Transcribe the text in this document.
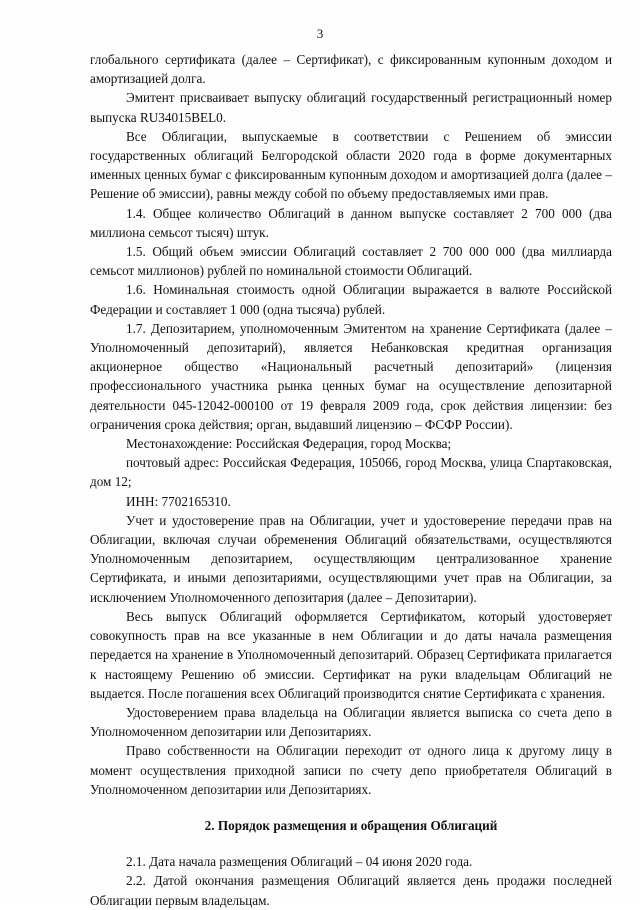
3

глобального сертификата (далее – Сертификат), с фиксированным купонным доходом и амортизацией долга.

Эмитент присваивает выпуску облигаций государственный регистрационный номер выпуска RU34015BEL0.

Все Облигации, выпускаемые в соответствии с Решением об эмиссии государственных облигаций Белгородской области 2020 года в форме документарных именных ценных бумаг с фиксированным купонным доходом и амортизацией долга (далее – Решение об эмиссии), равны между собой по объему предоставляемых ими прав.

1.4. Общее количество Облигаций в данном выпуске составляет 2 700 000 (два миллиона семьсот тысяч) штук.

1.5. Общий объем эмиссии Облигаций составляет 2 700 000 000 (два миллиарда семьсот миллионов) рублей по номинальной стоимости Облигаций.

1.6. Номинальная стоимость одной Облигации выражается в валюте Российской Федерации и составляет 1 000 (одна тысяча) рублей.

1.7. Депозитарием, уполномоченным Эмитентом на хранение Сертификата (далее – Уполномоченный депозитарий), является Небанковская кредитная организация акционерное общество «Национальный расчетный депозитарий» (лицензия профессионального участника рынка ценных бумаг на осуществление депозитарной деятельности 045-12042-000100 от 19 февраля 2009 года, срок действия лицензии: без ограничения срока действия; орган, выдавший лицензию – ФСФР России).

Местонахождение: Российская Федерация, город Москва;

почтовый адрес: Российская Федерация, 105066, город Москва, улица Спартаковская, дом 12;

ИНН: 7702165310.

Учет и удостоверение прав на Облигации, учет и удостоверение передачи прав на Облигации, включая случаи обременения Облигаций обязательствами, осуществляются Уполномоченным депозитарием, осуществляющим централизованное хранение Сертификата, и иными депозитариями, осуществляющими учет прав на Облигации, за исключением Уполномоченного депозитария (далее – Депозитарии).

Весь выпуск Облигаций оформляется Сертификатом, который удостоверяет совокупность прав на все указанные в нем Облигации и до даты начала размещения передается на хранение в Уполномоченный депозитарий. Образец Сертификата прилагается к настоящему Решению об эмиссии. Сертификат на руки владельцам Облигаций не выдается. После погашения всех Облигаций производится снятие Сертификата с хранения.

Удостоверением права владельца на Облигации является выписка со счета депо в Уполномоченном депозитарии или Депозитариях.

Право собственности на Облигации переходит от одного лица к другому лицу в момент осуществления приходной записи по счету депо приобретателя Облигаций в Уполномоченном депозитарии или Депозитариях.

2. Порядок размещения и обращения Облигаций

2.1. Дата начала размещения Облигаций – 04 июня 2020 года.

2.2. Датой окончания размещения Облигаций является день продажи последней Облигации первым владельцам.
